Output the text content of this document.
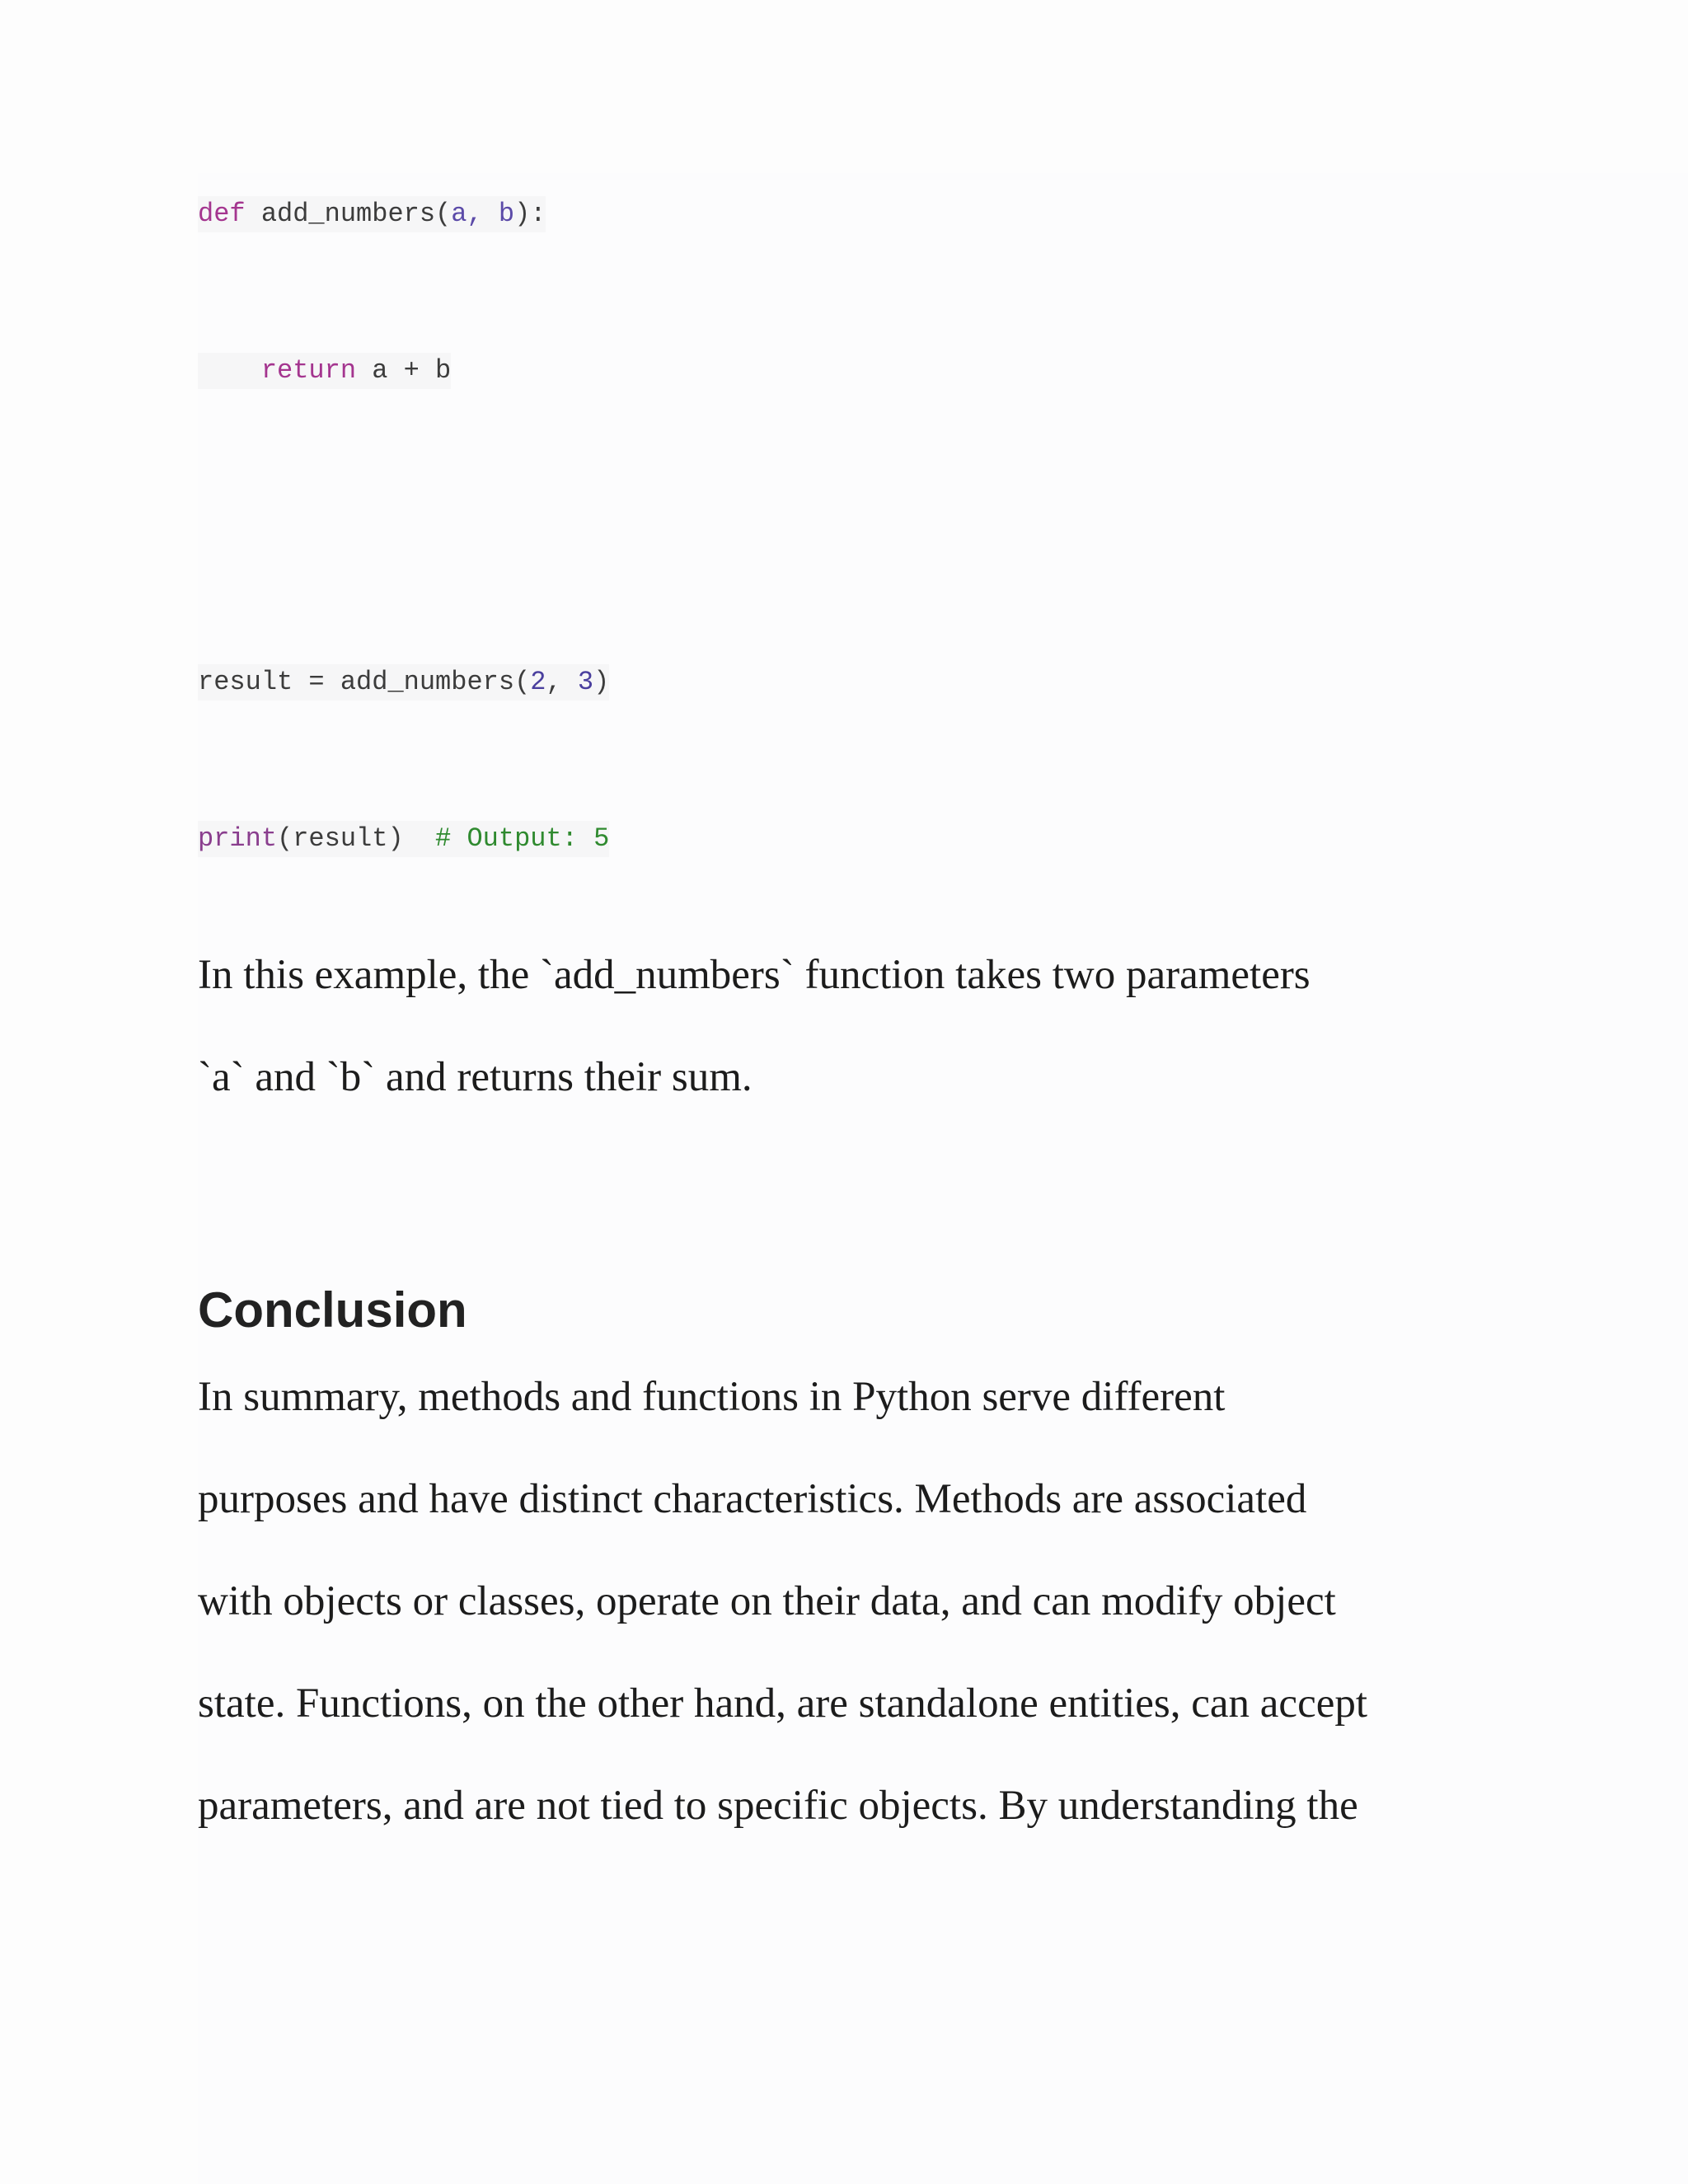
def add_numbers(a, b):
return a + b
result = add_numbers(2, 3)
print(result)  # Output: 5

In this example, the `add_numbers` function takes two parameters

`a` and `b` and returns their sum.

Conclusion

In summary, methods and functions in Python serve different

purposes and have distinct characteristics. Methods are associated

with objects or classes, operate on their data, and can modify object

state. Functions, on the other hand, are standalone entities, can accept

parameters, and are not tied to specific objects. By understanding the
